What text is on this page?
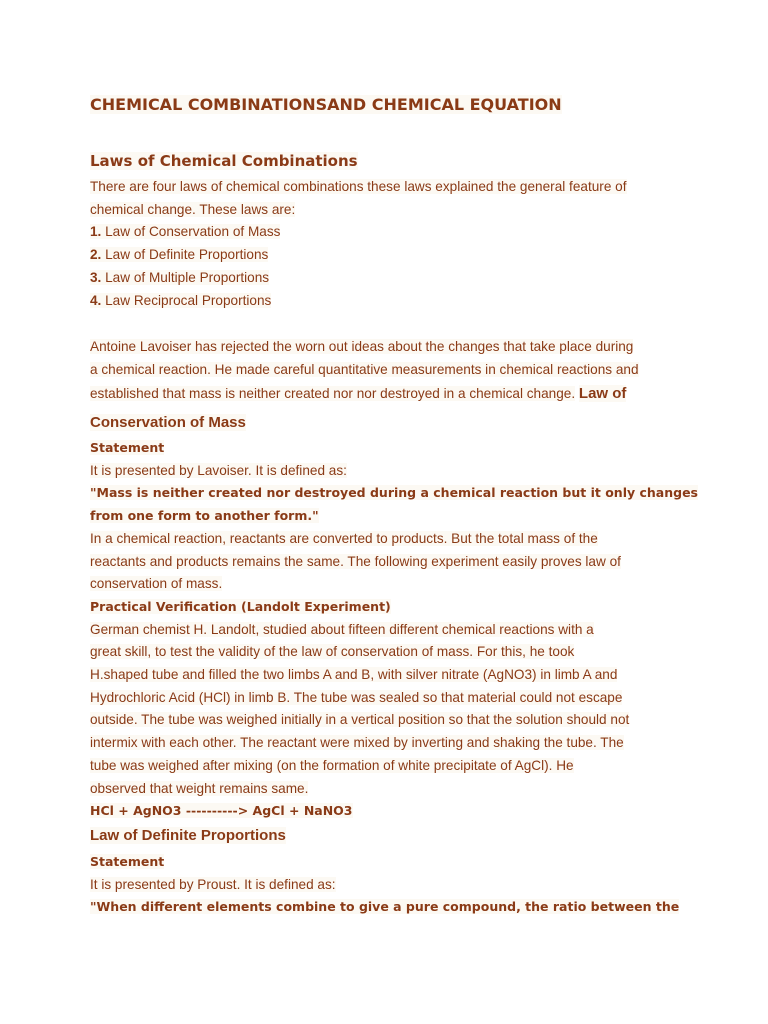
CHEMICAL COMBINATIONSAND CHEMICAL EQUATION
Laws of Chemical Combinations

There are four laws of chemical combinations these laws explained the general feature of

chemical change. These laws are:

1. Law of Conservation of Mass
2. Law of Definite Proportions
3. Law of Multiple Proportions
4. Law Reciprocal Proportions

Antoine Lavoiser has rejected the worn out ideas about the changes that take place during

a chemical reaction. He made careful quantitative measurements in chemical reactions and

established that mass is neither created nor nor destroyed in a chemical change. Law of

Conservation of Mass

Statement

It is presented by Lavoiser. It is defined as:

"Mass is neither created nor destroyed during a chemical reaction but it only changes

from one form to another form."

In a chemical reaction, reactants are converted to products. But the total mass of the

reactants and products remains the same. The following experiment easily proves law of

conservation of mass.

Practical Verification (Landolt Experiment)

German chemist H. Landolt, studied about fifteen different chemical reactions with a

great skill, to test the validity of the law of conservation of mass. For this, he took

H.shaped tube and filled the two limbs A and B, with silver nitrate (AgNO3) in limb A and

Hydrochloric Acid (HCl) in limb B. The tube was sealed so that material could not escape

outside. The tube was weighed initially in a vertical position so that the solution should not

intermix with each other. The reactant were mixed by inverting and shaking the tube. The

tube was weighed after mixing (on the formation of white precipitate of AgCl). He

observed that weight remains same.

HCl + AgNO3 ----------> AgCl + NaNO3

Law of Definite Proportions

Statement

It is presented by Proust. It is defined as:

"When different elements combine to give a pure compound, the ratio between the
